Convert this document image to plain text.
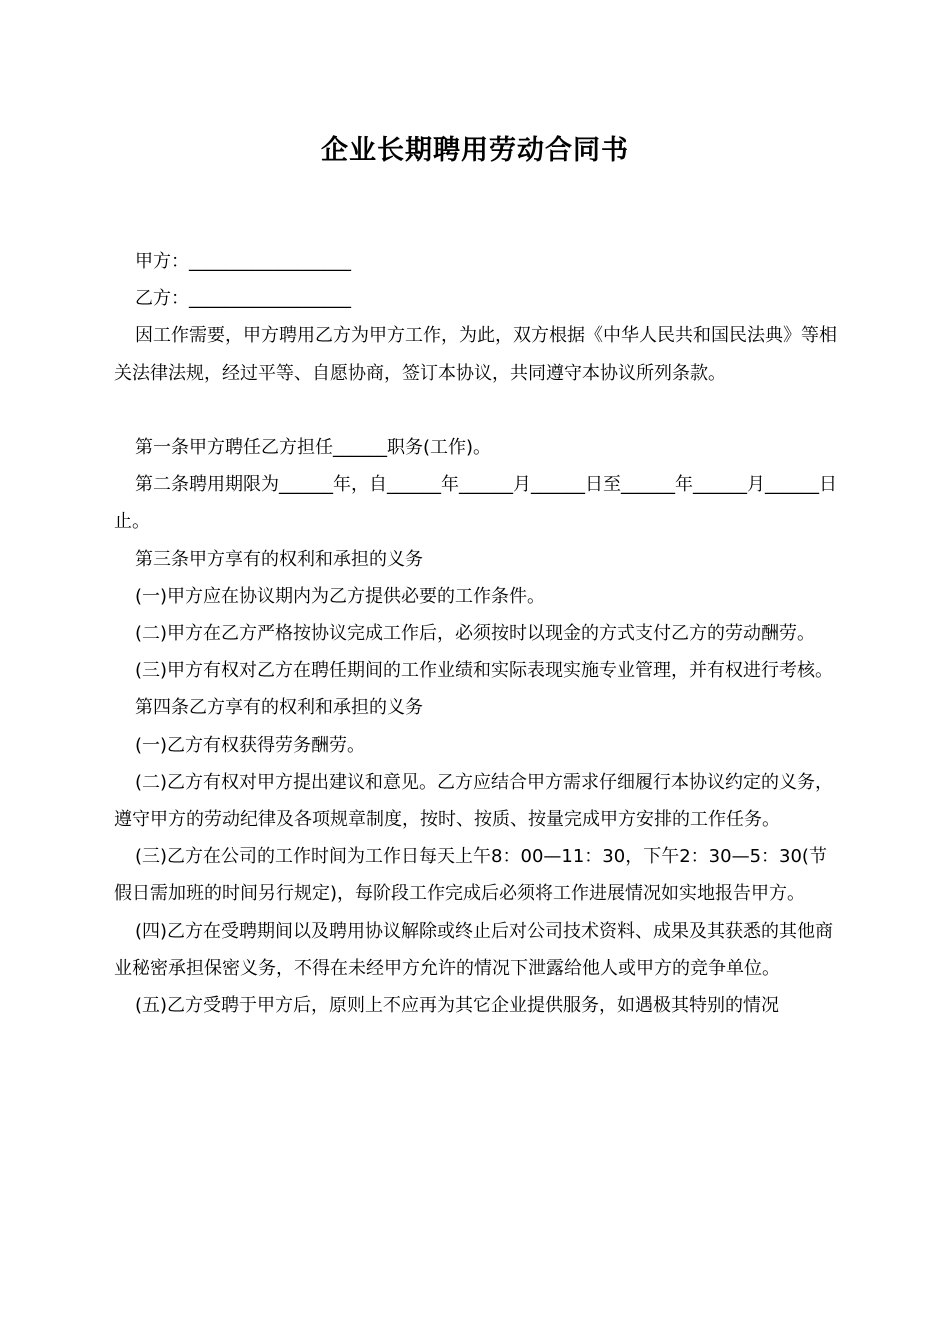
企业长期聘用劳动合同书

甲方：__________________

乙方：__________________

因工作需要，甲方聘用乙方为甲方工作，为此，双方根据《中华人民共和国民法典》等相关法律法规，经过平等、自愿协商，签订本协议，共同遵守本协议所列条款。

第一条甲方聘任乙方担任______职务(工作)。

第二条聘用期限为______年，自______年______月______日至______年______月______日止。

第三条甲方享有的权利和承担的义务

(一)甲方应在协议期内为乙方提供必要的工作条件。

(二)甲方在乙方严格按协议完成工作后，必须按时以现金的方式支付乙方的劳动酬劳。

(三)甲方有权对乙方在聘任期间的工作业绩和实际表现实施专业管理，并有权进行考核。

第四条乙方享有的权利和承担的义务

(一)乙方有权获得劳务酬劳。

(二)乙方有权对甲方提出建议和意见。乙方应结合甲方需求仔细履行本协议约定的义务，遵守甲方的劳动纪律及各项规章制度，按时、按质、按量完成甲方安排的工作任务。

(三)乙方在公司的工作时间为工作日每天上午8：00—11：30，下午2：30—5：30(节假日需加班的时间另行规定)，每阶段工作完成后必须将工作进展情况如实地报告甲方。

(四)乙方在受聘期间以及聘用协议解除或终止后对公司技术资料、成果及其获悉的其他商业秘密承担保密义务，不得在未经甲方允许的情况下泄露给他人或甲方的竞争单位。

(五)乙方受聘于甲方后，原则上不应再为其它企业提供服务，如遇极其特别的情况
